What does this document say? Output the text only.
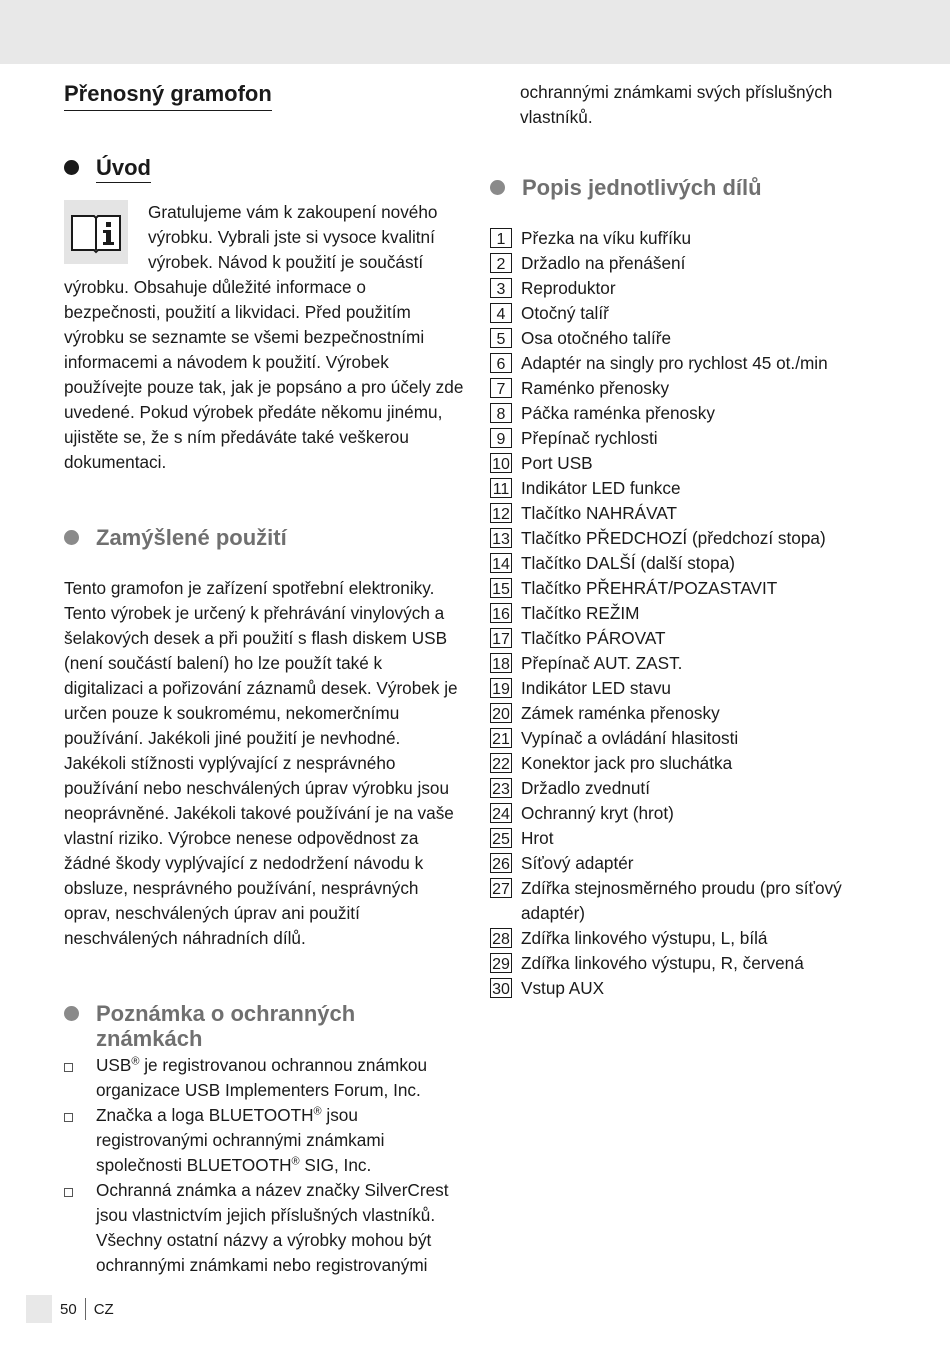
Přenosný gramofon
Úvod

Gratulujeme vám k zakoupení nového výrobku. Vybrali jste si vysoce kvalitní výrobek. Návod k použití je součástí výrobku. Obsahuje důležité informace o bezpečnosti, použití a likvidaci. Před použitím výrobku se seznamte se všemi bezpečnostními informacemi a návodem k použití. Výrobek používejte pouze tak, jak je popsáno a pro účely zde uvedené. Pokud výrobek předáte někomu jinému, ujistěte se, že s ním předáváte také veškerou dokumentaci.

Zamýšlené použití

Tento gramofon je zařízení spotřební elektroniky. Tento výrobek je určený k přehrávání vinylových a šelakových desek a při použití s flash diskem USB (není součástí balení) ho lze použít také k digitalizaci a pořizování záznamů desek. Výrobek je určen pouze k soukromému, nekomerčnímu používání. Jakékoli jiné použití je nevhodné. Jakékoli stížnosti vyplývající z nesprávného používání nebo neschválených úprav výrobku jsou neoprávněné. Jakékoli takové používání je na vaše vlastní riziko. Výrobce nenese odpovědnost za žádné škody vyplývající z nedodržení návodu k obsluze, nesprávného používání, nesprávných oprav, neschválených úprav ani použití neschválených náhradních dílů.

Poznámka o ochranných známkách
USB® je registrovanou ochrannou známkou organizace USB Implementers Forum, Inc.
Značka a loga BLUETOOTH® jsou registrovanými ochrannými známkami společnosti BLUETOOTH® SIG, Inc.
Ochranná známka a název značky SilverCrest jsou vlastnictvím jejich příslušných vlastníků. Všechny ostatní názvy a výrobky mohou být ochrannými známkami nebo registrovanými

ochrannými známkami svých příslušných vlastníků.

Popis jednotlivých dílů
1 Přezka na víku kufříku
2 Držadlo na přenášení
3 Reproduktor
4 Otočný talíř
5 Osa otočného talíře
6 Adaptér na singly pro rychlost 45 ot./min
7 Raménko přenosky
8 Páčka raménka přenosky
9 Přepínač rychlosti
10 Port USB
11 Indikátor LED funkce
12 Tlačítko NAHRÁVAT
13 Tlačítko PŘEDCHOZÍ (předchozí stopa)
14 Tlačítko DALŠÍ (další stopa)
15 Tlačítko PŘEHRÁT/POZASTAVIT
16 Tlačítko REŽIM
17 Tlačítko PÁROVAT
18 Přepínač AUT. ZAST.
19 Indikátor LED stavu
20 Zámek raménka přenosky
21 Vypínač a ovládání hlasitosti
22 Konektor jack pro sluchátka
23 Držadlo zvednutí
24 Ochranný kryt (hrot)
25 Hrot
26 Síťový adaptér
27 Zdířka stejnosměrného proudu (pro síťový adaptér)
28 Zdířka linkového výstupu, L, bílá
29 Zdířka linkového výstupu, R, červená
30 Vstup AUX
50 CZ
